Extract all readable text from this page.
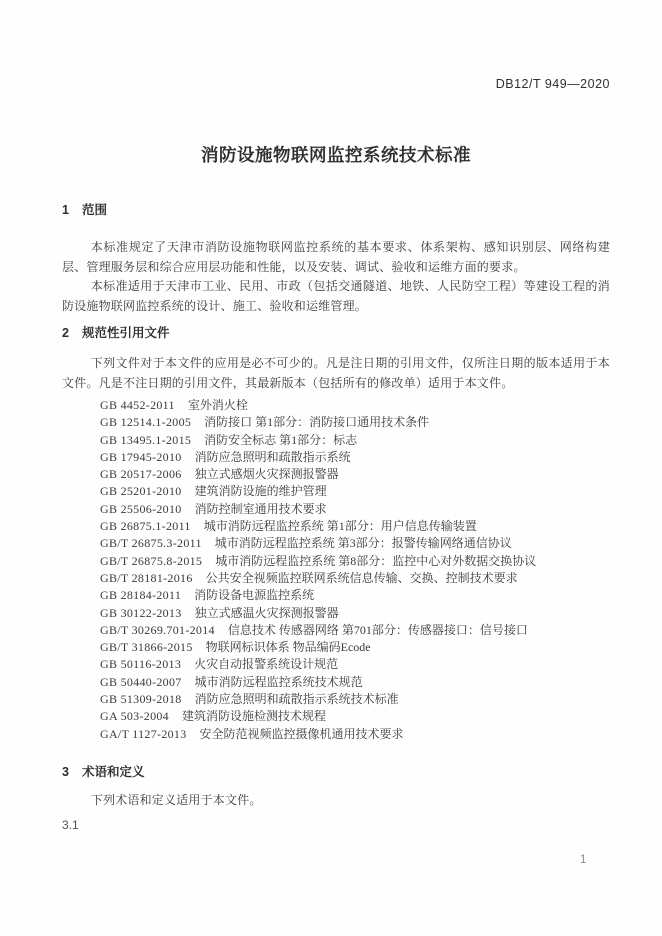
DB12/T 949—2020
消防设施物联网监控系统技术标准
1 范围

本标准规定了天津市消防设施物联网监控系统的基本要求、体系架构、感知识别层、网络构建层、管理服务层和综合应用层功能和性能，以及安装、调试、验收和运维方面的要求。

本标准适用于天津市工业、民用、市政（包括交通隧道、地铁、人民防空工程）等建设工程的消防设施物联网监控系统的设计、施工、验收和运维管理。

2 规范性引用文件

下列文件对于本文件的应用是必不可少的。凡是注日期的引用文件，仅所注日期的版本适用于本文件。凡是不注日期的引用文件，其最新版本（包括所有的修改单）适用于本文件。

GB 4452-2011 室外消火栓
GB 12514.1-2005 消防接口 第1部分：消防接口通用技术条件
GB 13495.1-2015 消防安全标志 第1部分：标志
GB 17945-2010 消防应急照明和疏散指示系统
GB 20517-2006 独立式感烟火灾探测报警器
GB 25201-2010 建筑消防设施的维护管理
GB 25506-2010 消防控制室通用技术要求
GB 26875.1-2011 城市消防远程监控系统 第1部分：用户信息传输装置
GB/T 26875.3-2011 城市消防远程监控系统 第3部分：报警传输网络通信协议
GB/T 26875.8-2015 城市消防远程监控系统 第8部分：监控中心对外数据交换协议
GB/T 28181-2016 公共安全视频监控联网系统信息传输、交换、控制技术要求
GB 28184-2011 消防设备电源监控系统
GB 30122-2013 独立式感温火灾探测报警器
GB/T 30269.701-2014 信息技术 传感器网络 第701部分：传感器接口：信号接口
GB/T 31866-2015 物联网标识体系 物品编码Ecode
GB 50116-2013 火灾自动报警系统设计规范
GB 50440-2007 城市消防远程监控系统技术规范
GB 51309-2018 消防应急照明和疏散指示系统技术标准
GA 503-2004 建筑消防设施检测技术规程
GA/T 1127-2013 安全防范视频监控摄像机通用技术要求
3 术语和定义

下列术语和定义适用于本文件。

3.1
1
